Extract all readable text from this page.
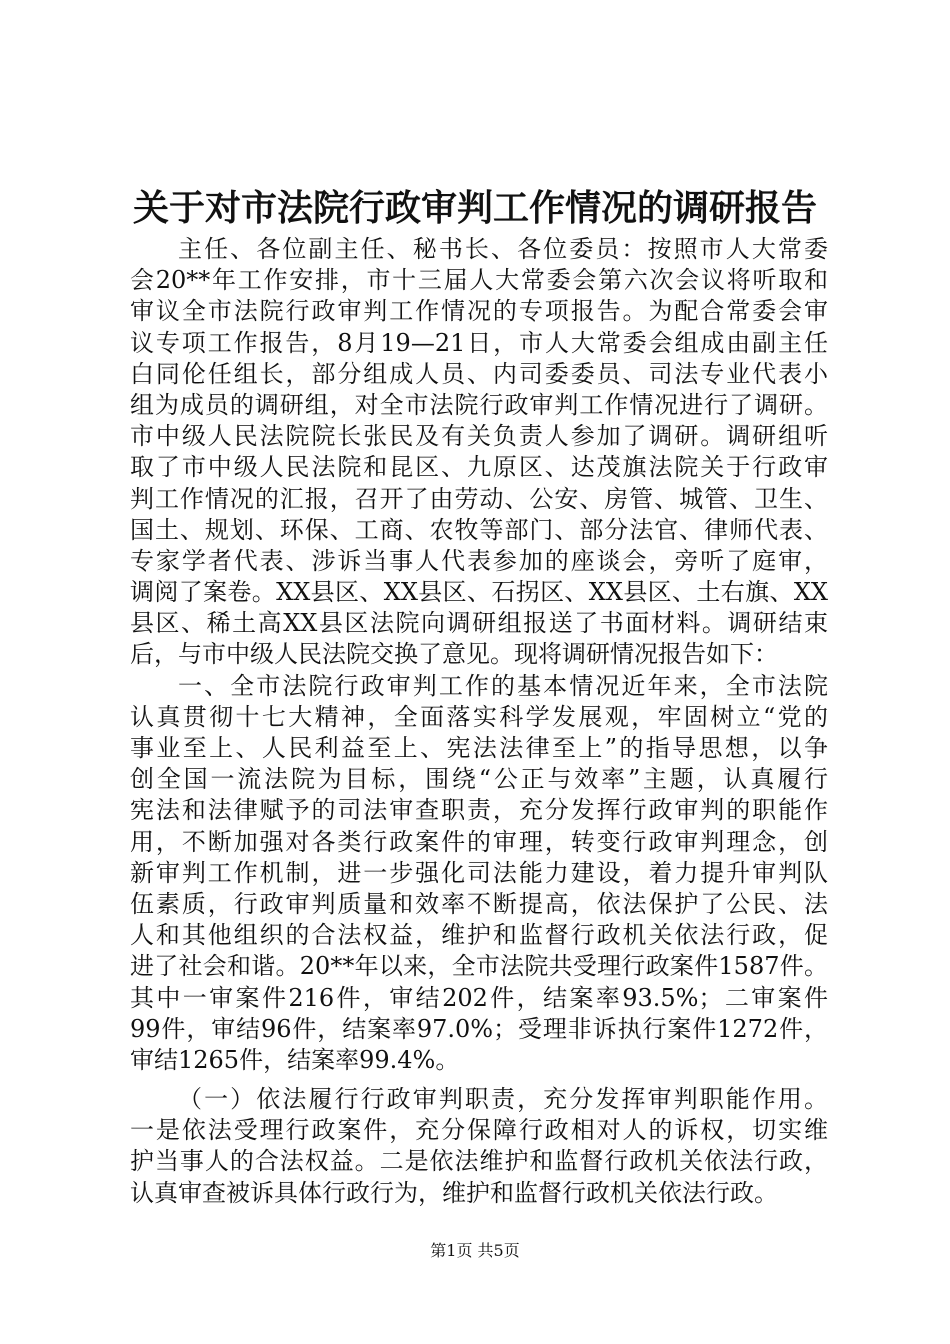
关于对市法院行政审判工作情况的调研报告
主任、各位副主任、秘书长、各位委员：按照市人大常委
会20**年工作安排，市十三届人大常委会第六次会议将听取和
审议全市法院行政审判工作情况的专项报告。为配合常委会审
议专项工作报告，8月19—21日，市人大常委会组成由副主任
白同伦任组长，部分组成人员、内司委委员、司法专业代表小
组为成员的调研组，对全市法院行政审判工作情况进行了调研。
市中级人民法院院长张民及有关负责人参加了调研。调研组听
取了市中级人民法院和昆区、九原区、达茂旗法院关于行政审
判工作情况的汇报，召开了由劳动、公安、房管、城管、卫生、
国土、规划、环保、工商、农牧等部门、部分法官、律师代表、
专家学者代表、涉诉当事人代表参加的座谈会，旁听了庭审，
调阅了案卷。XX县区、XX县区、石拐区、XX县区、土右旗、XX
县区、稀土高XX县区法院向调研组报送了书面材料。调研结束
后，与市中级人民法院交换了意见。现将调研情况报告如下：
一、全市法院行政审判工作的基本情况近年来，全市法院
认真贯彻十七大精神，全面落实科学发展观，牢固树立“党的
事业至上、人民利益至上、宪法法律至上”的指导思想，以争
创全国一流法院为目标，围绕“公正与效率”主题，认真履行
宪法和法律赋予的司法审查职责，充分发挥行政审判的职能作
用，不断加强对各类行政案件的审理，转变行政审判理念，创
新审判工作机制，进一步强化司法能力建设，着力提升审判队
伍素质，行政审判质量和效率不断提高，依法保护了公民、法
人和其他组织的合法权益，维护和监督行政机关依法行政，促
进了社会和谐。20**年以来，全市法院共受理行政案件1587件。
其中一审案件216件，审结202件，结案率93.5%；二审案件
99件，审结96件，结案率97.0%；受理非诉执行案件1272件，
审结1265件，结案率99.4%。
（一）依法履行行政审判职责，充分发挥审判职能作用。
一是依法受理行政案件，充分保障行政相对人的诉权，切实维
护当事人的合法权益。二是依法维护和监督行政机关依法行政，
认真审查被诉具体行政行为，维护和监督行政机关依法行政。
第1页 共5页
